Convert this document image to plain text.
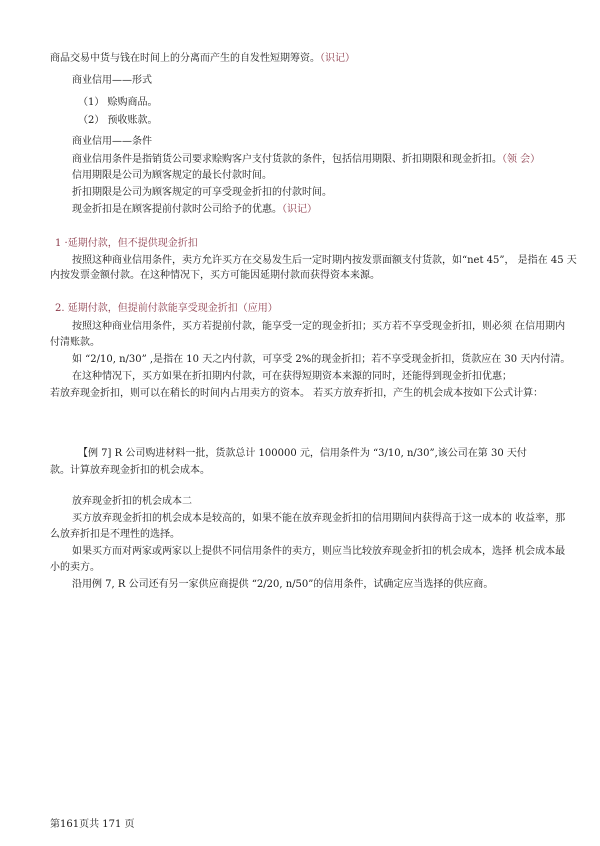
商品交易中货与钱在时间上的分离而产生的自发性短期筹资。（识记）
商业信用——形式
（1） 赊购商品。
（2） 预收账款。
商业信用——条件
商业信用条件是指销货公司要求赊购客户支付货款的条件，包括信用期限、折扣期限和现金折扣。（领 会）
信用期限是公司为顾客规定的最长付款时间。
折扣期限是公司为顾客规定的可享受现金折扣的付款时间。
现金折扣是在顾客提前付款时公司给予的优惠。（识记）
1 ·延期付款，但不提供现金折扣
按照这种商业信用条件，卖方允许买方在交易发生后一定时期内按发票面额支付货款，如“net 45”， 是指在 45 天
内按发票金额付款。在这种情况下，买方可能因延期付款而获得资本来源。
2. 延期付款，但提前付款能享受现金折扣（应用）
按照这种商业信用条件，买方若提前付款，能享受一定的现金折扣；买方若不享受现金折扣，则必须 在信用期内
付清账款。
如 “2/10, n/30” ,是指在 10 天之内付款，可享受 2%的现金折扣；若不享受现金折扣，货款应在 30 天内付清。
在这种情况下，买方如果在折扣期内付款，可在获得短期资本来源的同时，还能得到现金折扣优惠；
若放弃现金折扣，则可以在稍长的时间内占用卖方的资本。 若买方放弃折扣，产生的机会成本按如下公式计算：
【例 7] R 公司购进材料一批，货款总计 100000 元，信用条件为 “3/10, n/30”,该公司在第 30 天付
款。计算放弃现金折扣的机会成本。
放弃现金折扣的机会成本二
买方放弃现金折扣的机会成本是较高的，如果不能在放弃现金折扣的信用期间内获得高于这一成本的 收益率，那
么放弃折扣是不理性的选择。
如果买方而对两家或两家以上提供不同信用条件的卖方，则应当比较放弃现金折扣的机会成本，选择 机会成本最
小的卖方。
沿用例 7, R 公司还有另一家供应商提供 “2/20, n/50”的信用条件，试确定应当选择的供应商。
第161页共 171 页
